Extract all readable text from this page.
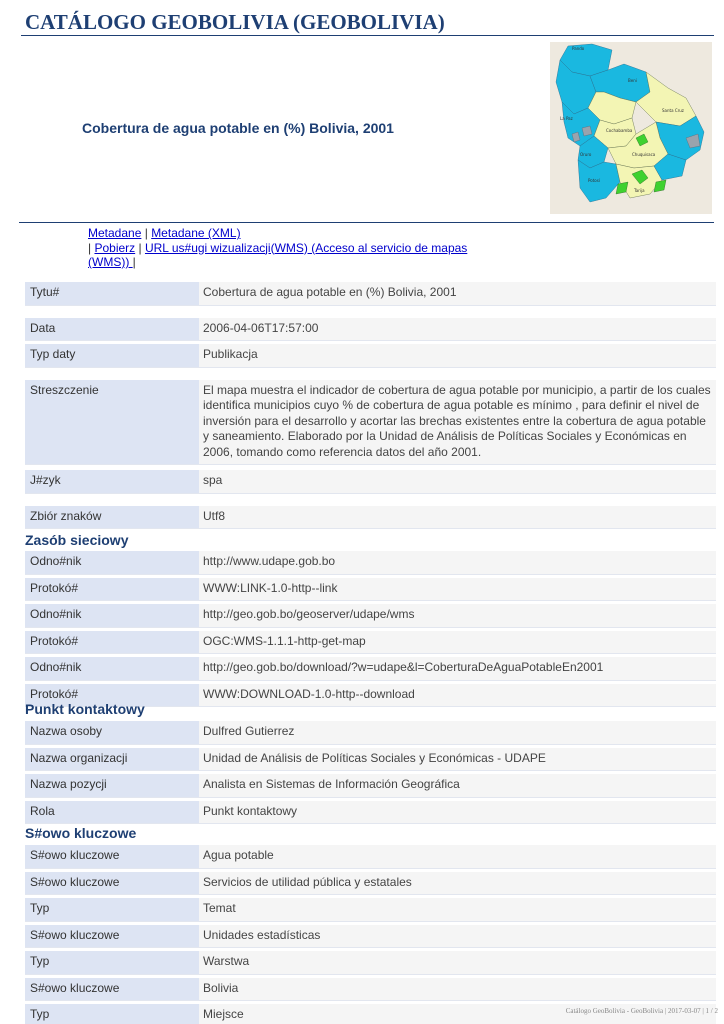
CATÁLOGO GEOBOLIVIA (GEOBOLIVIA)
Cobertura de agua potable en (%) Bolivia, 2001
Pando
Beni
Santa Cruz
Cochabamba
La Paz
Oruro
Potosí
Chuquisaca
Tarija
Metadane | Metadane (XML)
| Pobierz | URL us#ugi wizualizacji(WMS) (Acceso al servicio de mapas (WMS)) |
Tytu#	Cobertura de agua potable en (%) Bolivia, 2001

Data	2006-04-06T17:57:00
Typ daty	Publikacja

Streszczenie	El mapa muestra el indicador de cobertura de agua potable por municipio, a partir de los cuales identifica municipios cuyo % de cobertura de agua potable es mínimo , para definir el nivel de inversión para el desarrollo y acortar las brechas existentes entre la cobertura de agua potable y saneamiento. Elaborado por la Unidad de Análisis de Políticas Sociales y Económicas en 2006, tomando como referencia datos del año 2001.
J#zyk	spa

Zbiór znaków	Utf8
Zasób sieciowy
Odno#nik	http://www.udape.gob.bo
Protokó#	WWW:LINK-1.0-http--link
Odno#nik	http://geo.gob.bo/geoserver/udape/wms
Protokó#	OGC:WMS-1.1.1-http-get-map
Odno#nik	http://geo.gob.bo/download/?w=udape&l=CoberturaDeAguaPotableEn2001
Protokó#	WWW:DOWNLOAD-1.0-http--download
Punkt kontaktowy
Nazwa osoby	Dulfred Gutierrez
Nazwa organizacji	Unidad de Análisis de Políticas Sociales y Económicas - UDAPE
Nazwa pozycji	Analista en Sistemas de Información Geográfica
Rola	Punkt kontaktowy
S#owo kluczowe
S#owo kluczowe	Agua potable
S#owo kluczowe	Servicios de utilidad pública y estatales
Typ	Temat
S#owo kluczowe	Unidades estadísticas
Typ	Warstwa
S#owo kluczowe	Bolivia
Typ	Miejsce	Catálogo GeoBolivia - GeoBolivia | 2017-03-07 | 1 / 2
